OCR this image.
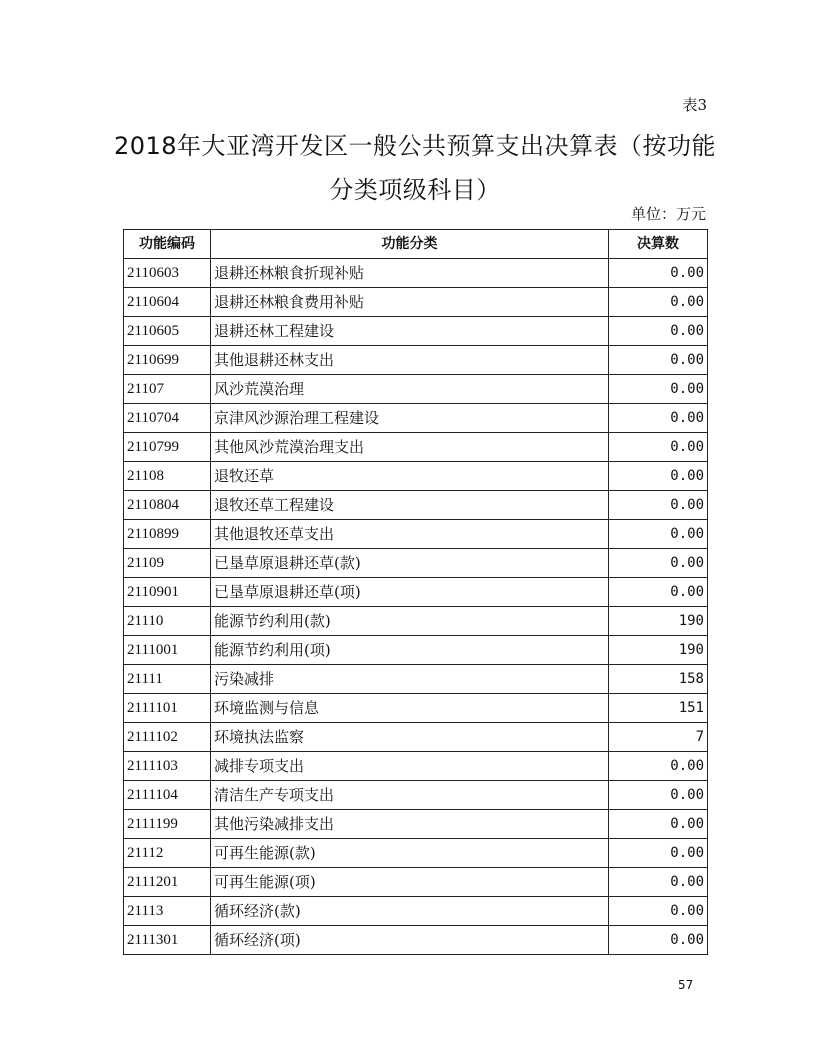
表3
2018年大亚湾开发区一般公共预算支出决算表（按功能分类项级科目）
单位：万元
功能编码	功能分类	决算数
2110603	退耕还林粮食折现补贴	0.00
2110604	退耕还林粮食费用补贴	0.00
2110605	退耕还林工程建设	0.00
2110699	其他退耕还林支出	0.00
21107	风沙荒漠治理	0.00
2110704	京津风沙源治理工程建设	0.00
2110799	其他风沙荒漠治理支出	0.00
21108	退牧还草	0.00
2110804	退牧还草工程建设	0.00
2110899	其他退牧还草支出	0.00
21109	已垦草原退耕还草(款)	0.00
2110901	已垦草原退耕还草(项)	0.00
21110	能源节约利用(款)	190
2111001	能源节约利用(项)	190
21111	污染减排	158
2111101	环境监测与信息	151
2111102	环境执法监察	7
2111103	减排专项支出	0.00
2111104	清洁生产专项支出	0.00
2111199	其他污染减排支出	0.00
21112	可再生能源(款)	0.00
2111201	可再生能源(项)	0.00
21113	循环经济(款)	0.00
2111301	循环经济(项)	0.00
57
